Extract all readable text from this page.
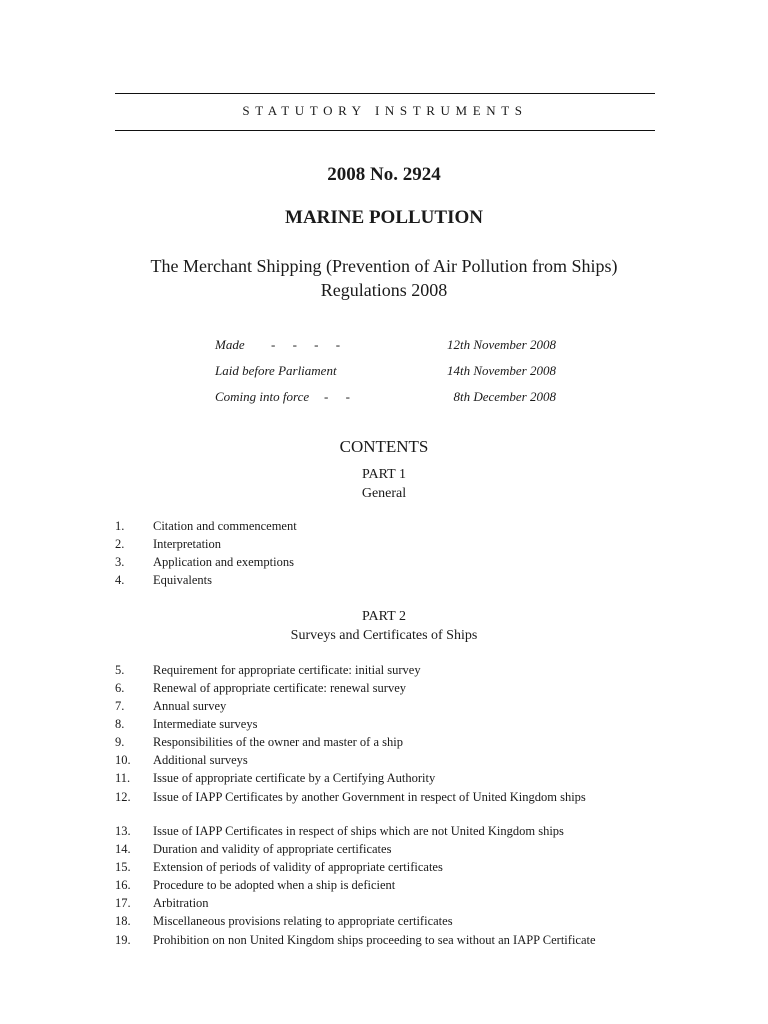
STATUTORY INSTRUMENTS
2008 No. 2924
MARINE POLLUTION
The Merchant Shipping (Prevention of Air Pollution from Ships)
Regulations 2008
Made - - - -	12th November 2008
Laid before Parliament	14th November 2008
Coming into force - -	8th December 2008
CONTENTS
PART 1
General
1. Citation and commencement
2. Interpretation
3. Application and exemptions
4. Equivalents
PART 2
Surveys and Certificates of Ships
5. Requirement for appropriate certificate: initial survey
6. Renewal of appropriate certificate: renewal survey
7. Annual survey
8. Intermediate surveys
9. Responsibilities of the owner and master of a ship
10. Additional surveys
11. Issue of appropriate certificate by a Certifying Authority
12. Issue of IAPP Certificates by another Government in respect of United Kingdom ships
13. Issue of IAPP Certificates in respect of ships which are not United Kingdom ships
14. Duration and validity of appropriate certificates
15. Extension of periods of validity of appropriate certificates
16. Procedure to be adopted when a ship is deficient
17. Arbitration
18. Miscellaneous provisions relating to appropriate certificates
19. Prohibition on non United Kingdom ships proceeding to sea without an IAPP Certificate
